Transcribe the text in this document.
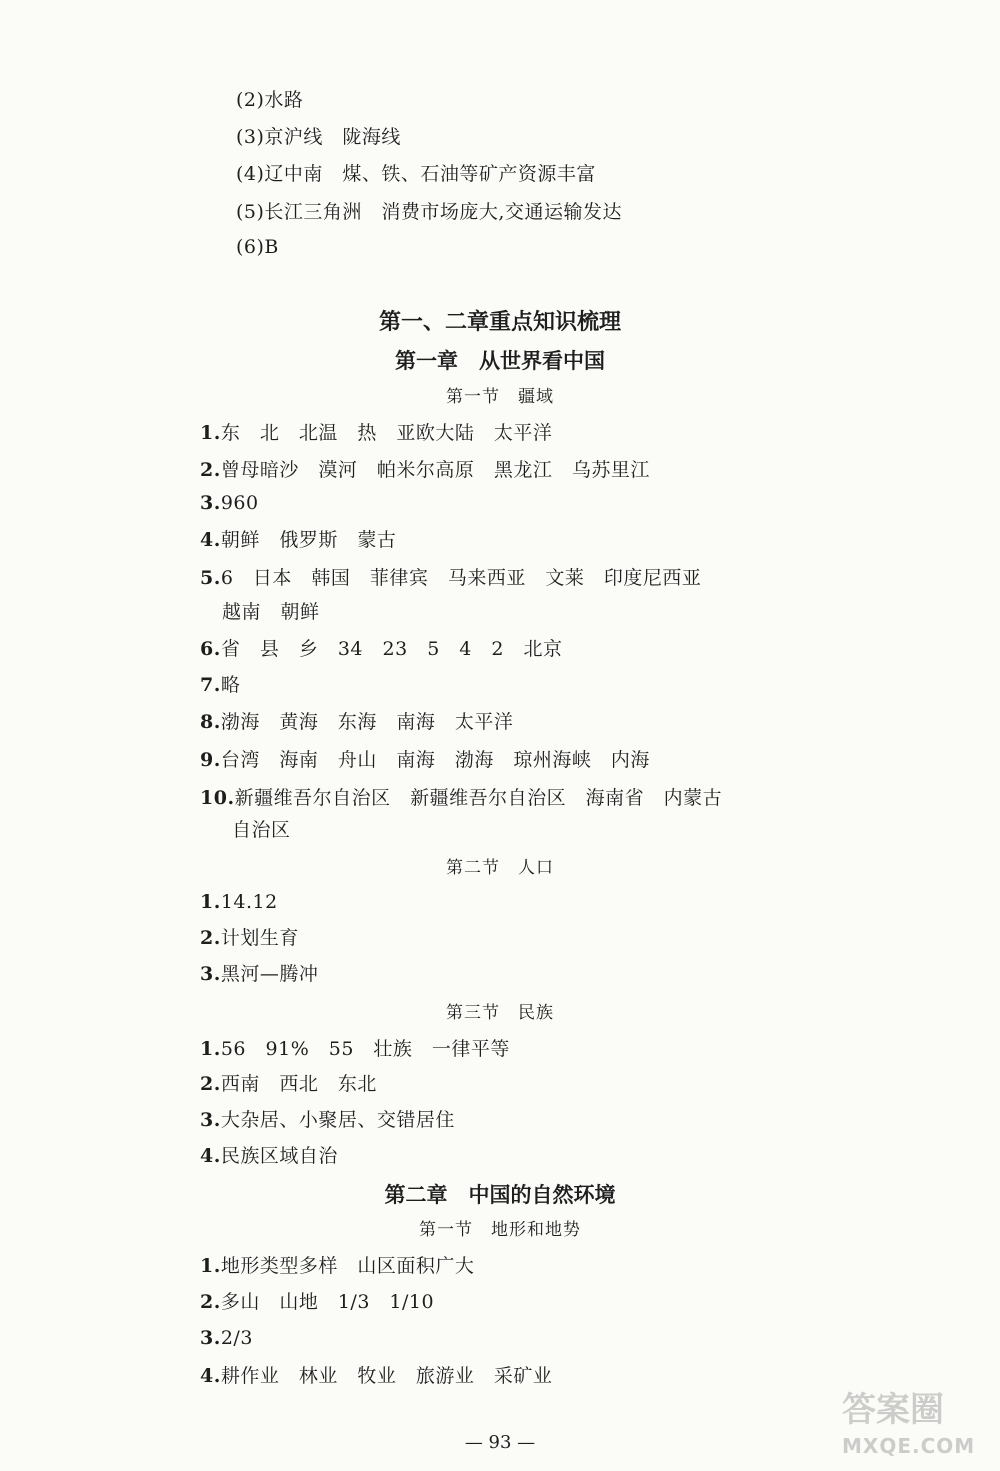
(2)水路
(3)京沪线　陇海线
(4)辽中南　煤、铁、石油等矿产资源丰富
(5)长江三角洲　消费市场庞大,交通运输发达
(6)B
第一、二章重点知识梳理
第一章　从世界看中国
第一节　疆域
1.东　北　北温　热　亚欧大陆　太平洋
2.曾母暗沙　漠河　帕米尔高原　黑龙江　乌苏里江
3.960
4.朝鲜　俄罗斯　蒙古
5.6　日本　韩国　菲律宾　马来西亚　文莱　印度尼西亚
越南　朝鲜
6.省　县　乡　34　23　5　4　2　北京
7.略
8.渤海　黄海　东海　南海　太平洋
9.台湾　海南　舟山　南海　渤海　琼州海峡　内海
10.新疆维吾尔自治区　新疆维吾尔自治区　海南省　内蒙古
自治区
第二节　人口
1.14.12
2.计划生育
3.黑河—腾冲
第三节　民族
1.56　91%　55　壮族　一律平等
2.西南　西北　东北
3.大杂居、小聚居、交错居住
4.民族区域自治
第二章　中国的自然环境
第一节　地形和地势
1.地形类型多样　山区面积广大
2.多山　山地　1/3　1/10
3.2/3
4.耕作业　林业　牧业　旅游业　采矿业
— 93 —
答案圈
MXQE.COM
